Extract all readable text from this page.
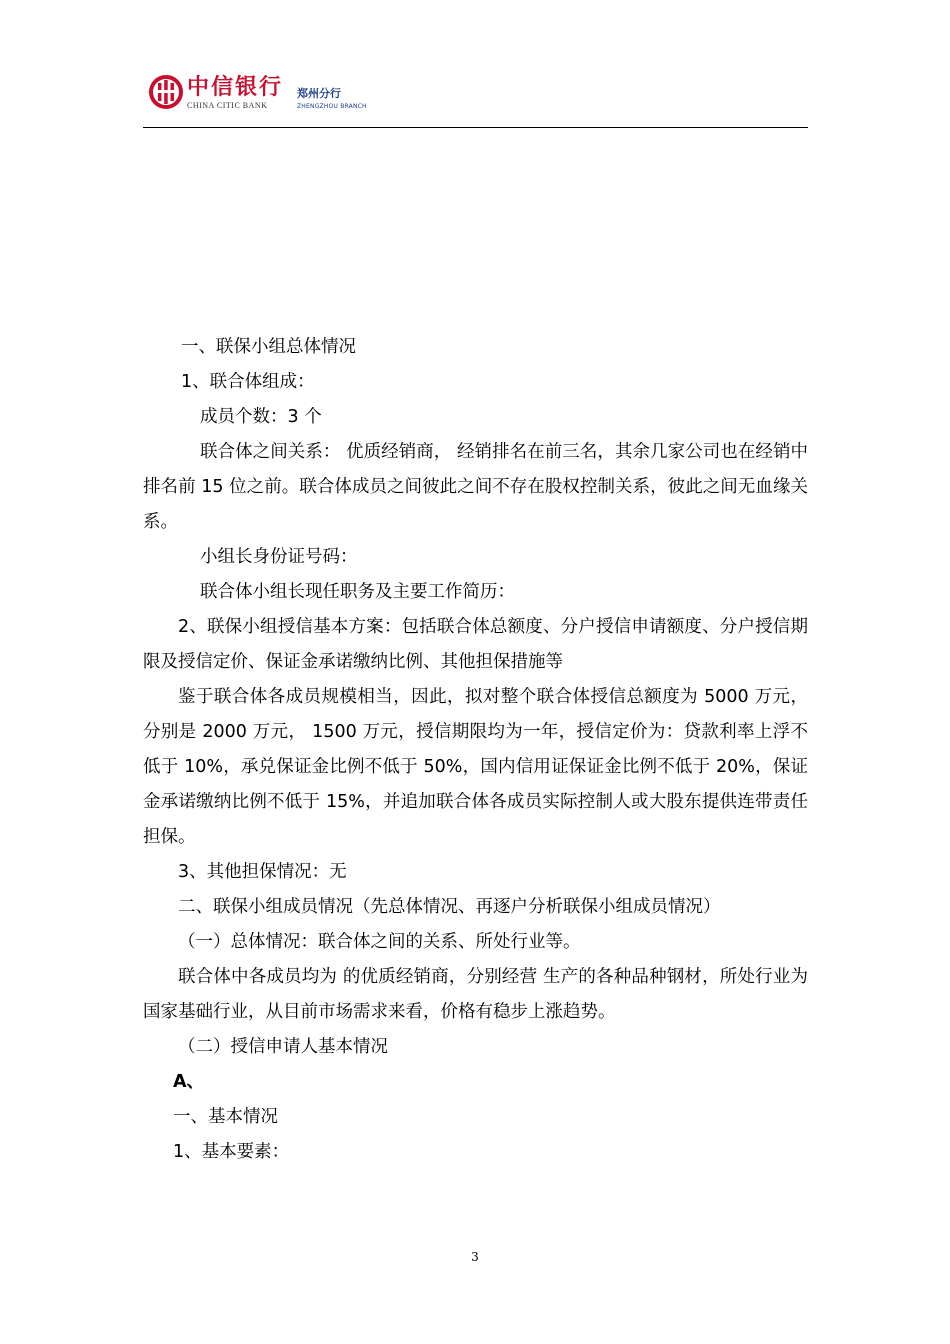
中信银行
CHINA CITIC BANK
郑州分行
ZHENGZHOU BRANCH

一、联保小组总体情况

1、联合体组成：

成员个数：3 个

联合体之间关系： 优质经销商， 经销排名在前三名，其余几家公司也在经销中排名前 15 位之前。联合体成员之间彼此之间不存在股权控制关系，彼此之间无血缘关系。

小组长身份证号码：

联合体小组长现任职务及主要工作简历：

2、联保小组授信基本方案：包括联合体总额度、分户授信申请额度、分户授信期限及授信定价、保证金承诺缴纳比例、其他担保措施等

鉴于联合体各成员规模相当，因此，拟对整个联合体授信总额度为 5000 万元，分别是 2000 万元， 1500 万元，授信期限均为一年，授信定价为：贷款利率上浮不低于 10%，承兑保证金比例不低于 50%，国内信用证保证金比例不低于 20%，保证金承诺缴纳比例不低于 15%，并追加联合体各成员实际控制人或大股东提供连带责任担保。

3、其他担保情况：无

二、联保小组成员情况（先总体情况、再逐户分析联保小组成员情况）

（一）总体情况：联合体之间的关系、所处行业等。

联合体中各成员均为 的优质经销商，分别经营 生产的各种品种钢材，所处行业为国家基础行业，从目前市场需求来看，价格有稳步上涨趋势。

（二）授信申请人基本情况

A、

一、基本情况

1、基本要素：

3
